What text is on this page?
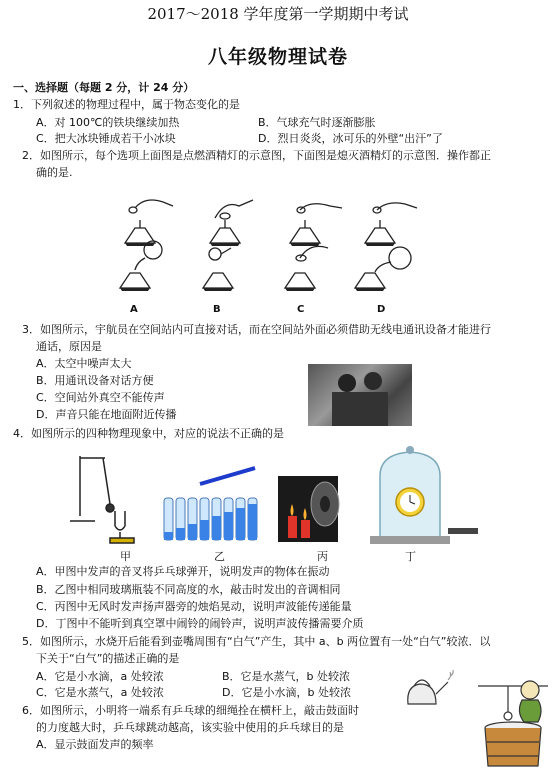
2017～2018 学年度第一学期期中考试
八年级物理试卷
一、选择题（每题 2 分，计 24 分）
1．下列叙述的物理过程中，属于物态变化的是
A．对 100℃的铁块继续加热	B．气球充气时逐渐膨胀
C．把大冰块锤成若干小冰块	D．烈日炎炎，冰可乐的外壁“出汗”了
2．如图所示，每个选项上面图是点燃酒精灯的示意图，下面图是熄灭酒精灯的示意图．操作都正
确的是.
A	B	C	D
3．如图所示，宇航员在空间站内可直接对话，而在空间站外面必须借助无线电通讯设备才能进行
通话，原因是
A．太空中噪声太大
B．用通讯设备对话方便
C．空间站外真空不能传声
D．声音只能在地面附近传播
4．如图所示的四种物理现象中，对应的说法不正确的是
甲	乙	丙	丁
A．甲图中发声的音叉将乒乓球弹开，说明发声的物体在振动
B．乙图中相同玻璃瓶装不同高度的水，敲击时发出的音调相同
C．丙图中无风时发声扬声器旁的烛焰晃动，说明声波能传递能量
D．丁图中不能听到真空罩中闹铃的闹铃声，说明声波传播需要介质
5．如图所示，水烧开后能看到壶嘴周围有“白气”产生，其中 a、b 两位置有一处“白气”较浓．以
下关于“白气”的描述正确的是
A．它是小水滴，a 处较浓	B．它是水蒸气，b 处较浓
C．它是水蒸气，a 处较浓	D．它是小水滴，b 处较浓
6．如图所示，小明将一端系有乒乓球的细绳拴在横杆上，敲击鼓面时
的力度越大时，乒乓球跳动越高，该实验中使用的乒乓球目的是
A．显示鼓面发声的频率
